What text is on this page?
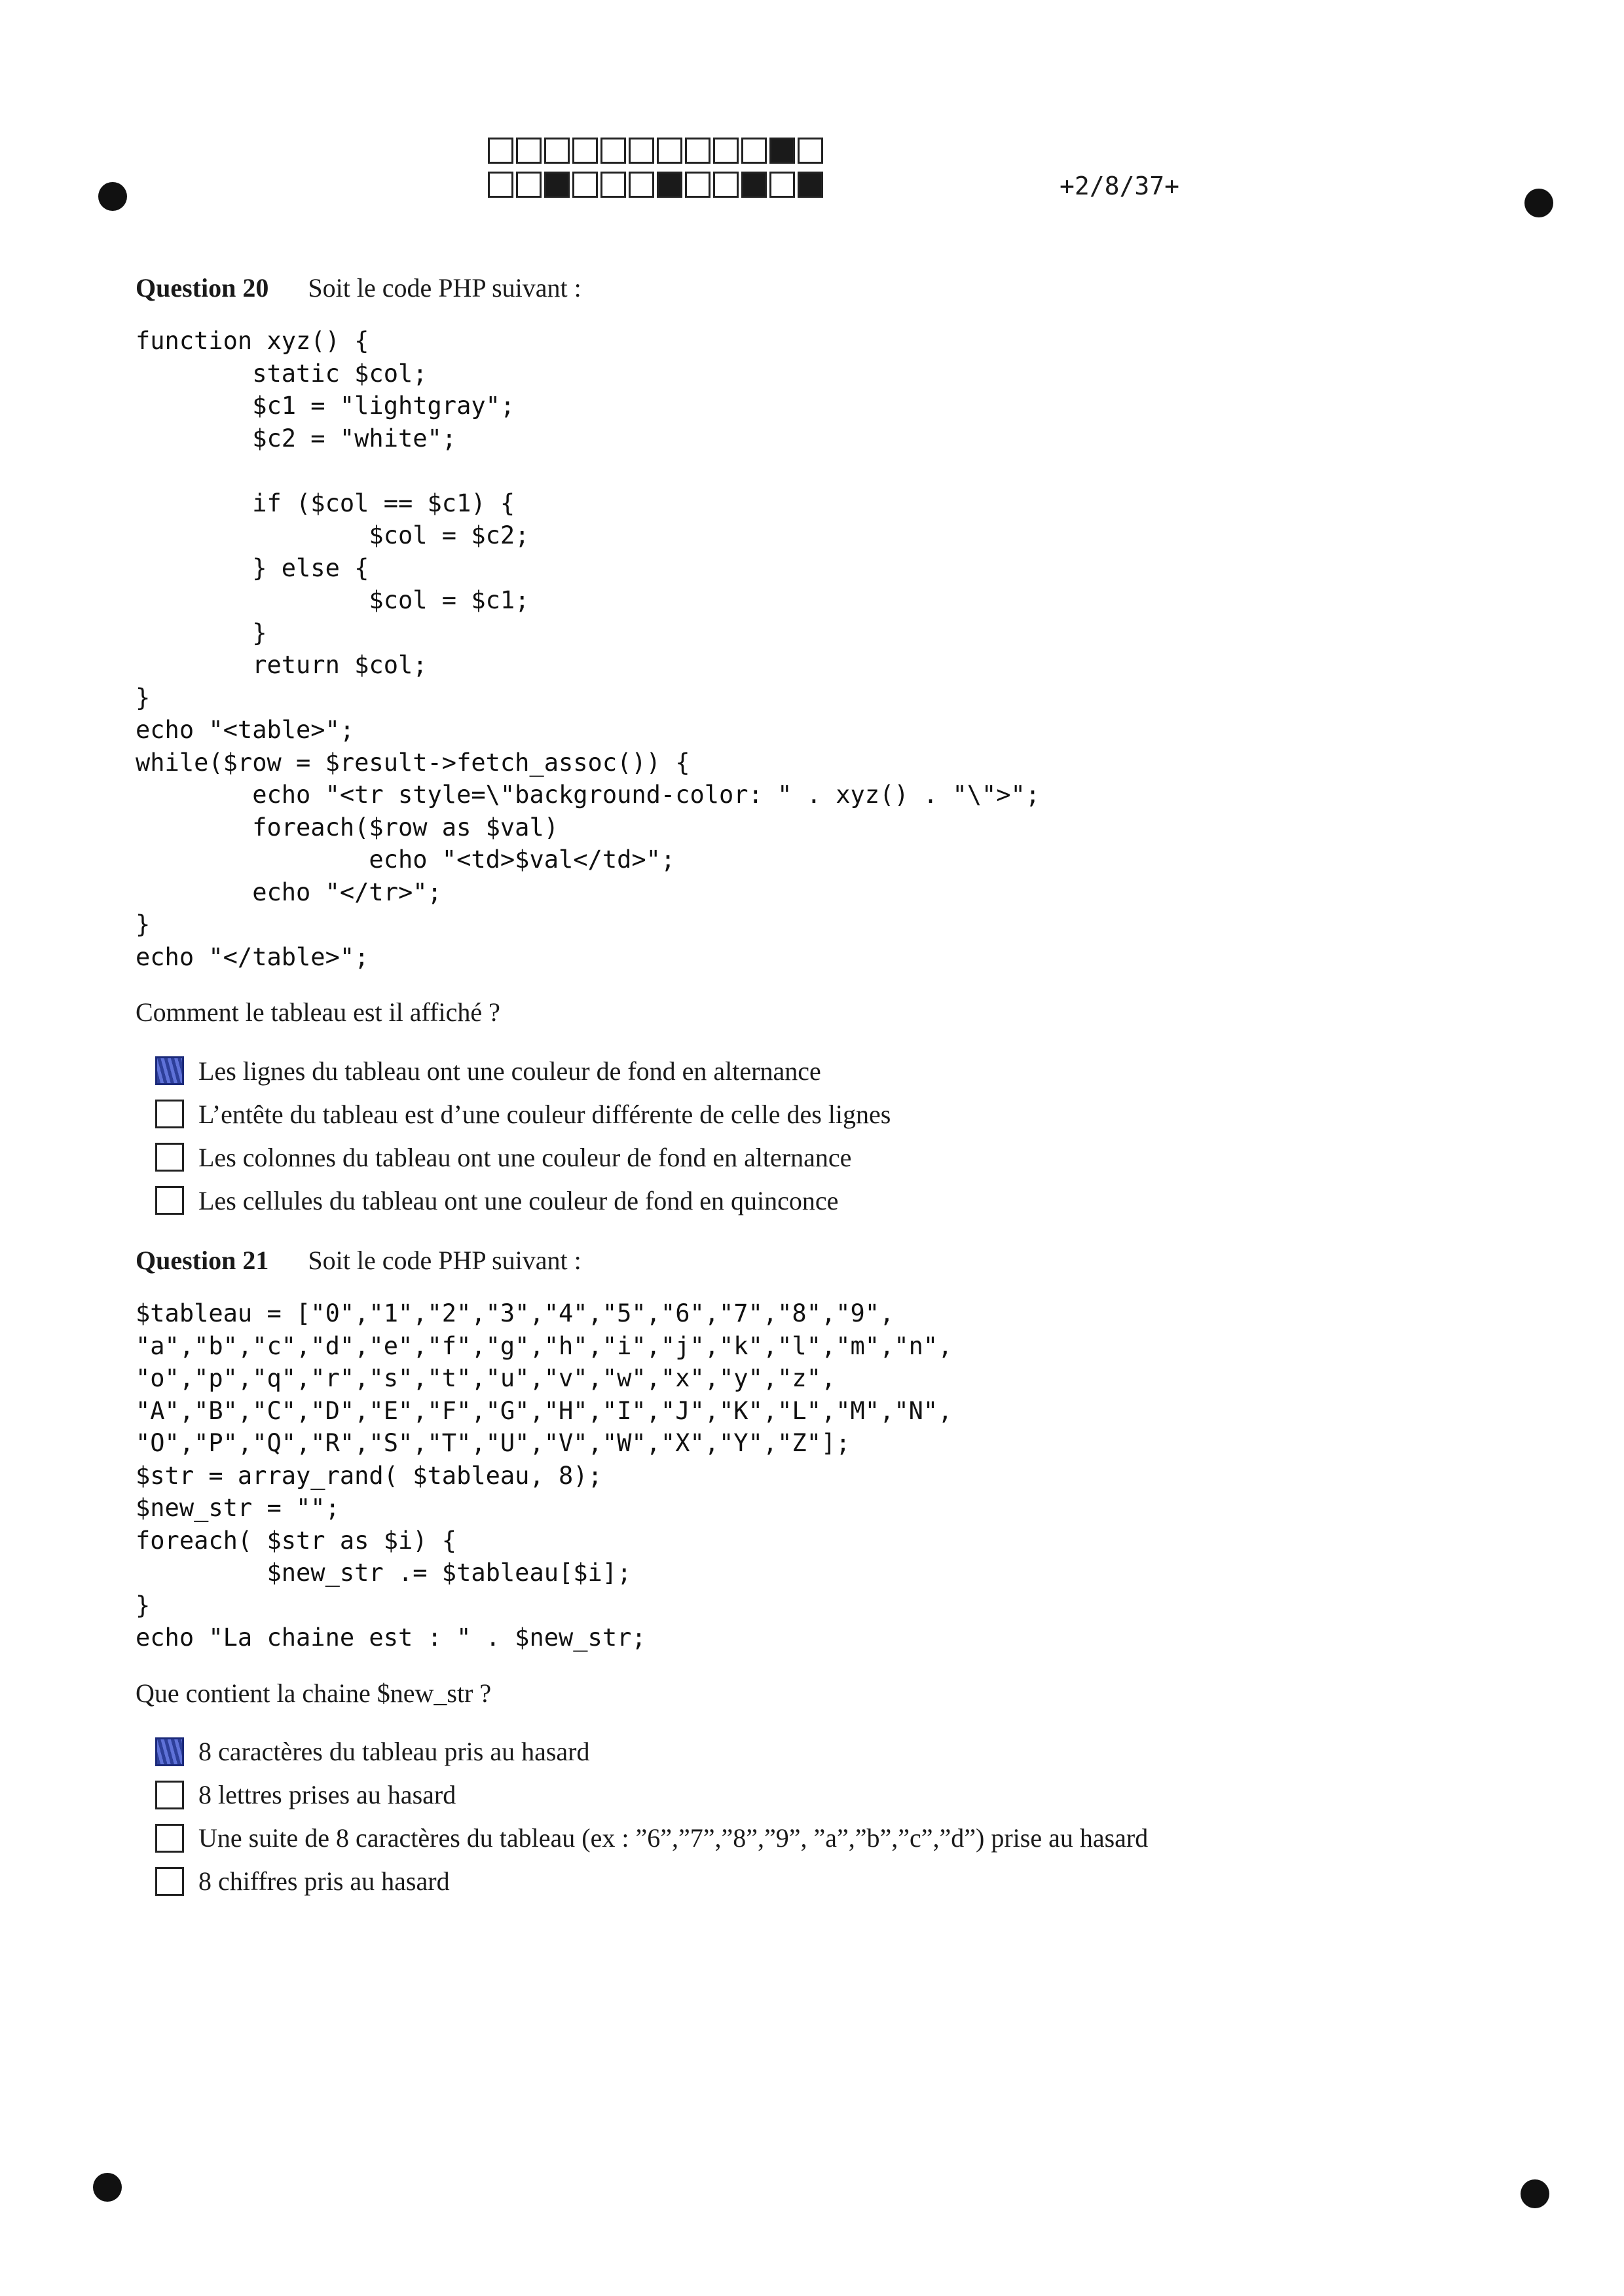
+2/8/37+
Question 20 Soit le code PHP suivant :
function xyz() {
static $col;
$c1 = "lightgray";
$c2 = "white";

if ($col == $c1) {
$col = $c2;
} else {
$col = $c1;
}
return $col;
}
echo "<table>";
while($row = $result->fetch_assoc()) {
echo "<tr style=\"background-color: " . xyz() . "\">";
foreach($row as $val)
echo "<td>$val</td>";
echo "</tr>";
}
echo "</table>";
Comment le tableau est il affiché ?
Les lignes du tableau ont une couleur de fond en alternance
L’entête du tableau est d’une couleur différente de celle des lignes
Les colonnes du tableau ont une couleur de fond en alternance
Les cellules du tableau ont une couleur de fond en quinconce
Question 21 Soit le code PHP suivant :
$tableau = ["0","1","2","3","4","5","6","7","8","9",
"a","b","c","d","e","f","g","h","i","j","k","l","m","n",
"o","p","q","r","s","t","u","v","w","x","y","z",
"A","B","C","D","E","F","G","H","I","J","K","L","M","N",
"O","P","Q","R","S","T","U","V","W","X","Y","Z"];
$str = array_rand( $tableau, 8);
$new_str = "";
foreach( $str as $i) {
$new_str .= $tableau[$i];
}
echo "La chaine est : " . $new_str;
Que contient la chaine $new_str ?
8 caractères du tableau pris au hasard
8 lettres prises au hasard
Une suite de 8 caractères du tableau (ex : ”6”,”7”,”8”,”9”, ”a”,”b”,”c”,”d”) prise au hasard
8 chiffres pris au hasard
